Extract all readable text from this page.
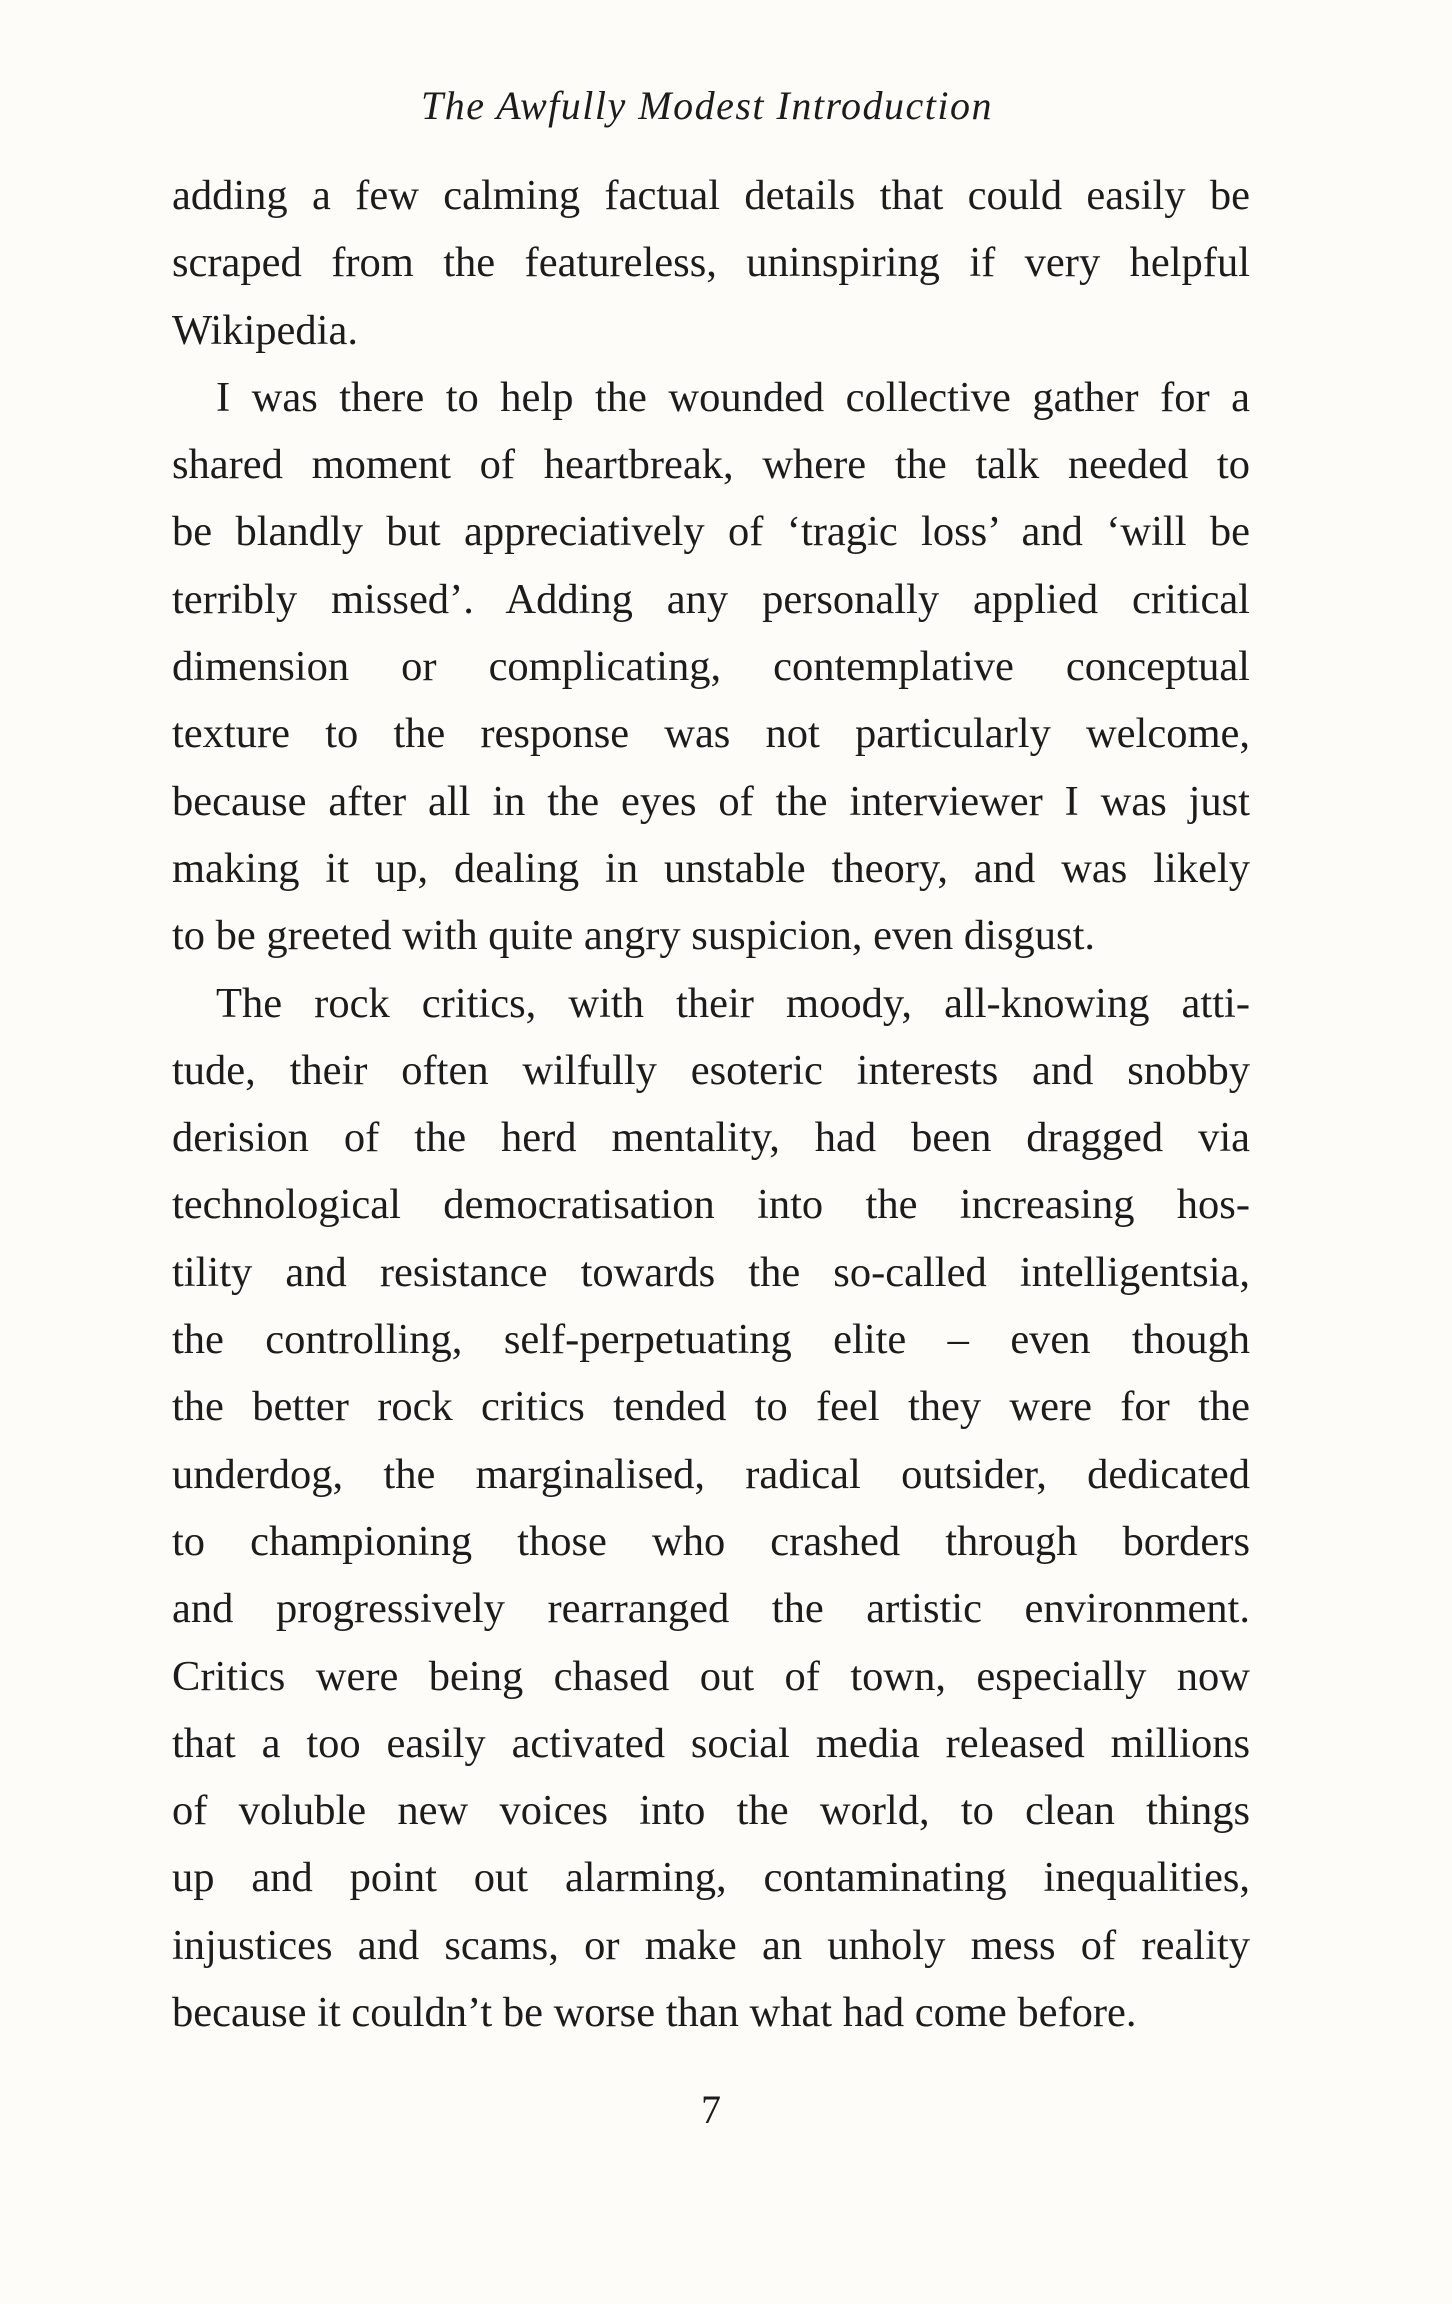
The Awfully Modest Introduction

adding a few calming factual details that could easily be
scraped from the featureless, uninspiring if very helpful
Wikipedia.

I was there to help the wounded collective gather for a
shared moment of heartbreak, where the talk needed to
be blandly but appreciatively of ‘tragic loss’ and ‘will be
terribly missed’. Adding any personally applied critical
dimension or complicating, contemplative conceptual
texture to the response was not particularly welcome,
because after all in the eyes of the interviewer I was just
making it up, dealing in unstable theory, and was likely
to be greeted with quite angry suspicion, even disgust.

The rock critics, with their moody, all-knowing atti-
tude, their often wilfully esoteric interests and snobby
derision of the herd mentality, had been dragged via
technological democratisation into the increasing hos-
tility and resistance towards the so-called intelligentsia,
the controlling, self-perpetuating elite – even though
the better rock critics tended to feel they were for the
underdog, the marginalised, radical outsider, dedicated
to championing those who crashed through borders
and progressively rearranged the artistic environment.
Critics were being chased out of town, especially now
that a too easily activated social media released millions
of voluble new voices into the world, to clean things
up and point out alarming, contaminating inequalities,
injustices and scams, or make an unholy mess of reality
because it couldn’t be worse than what had come before.

7
